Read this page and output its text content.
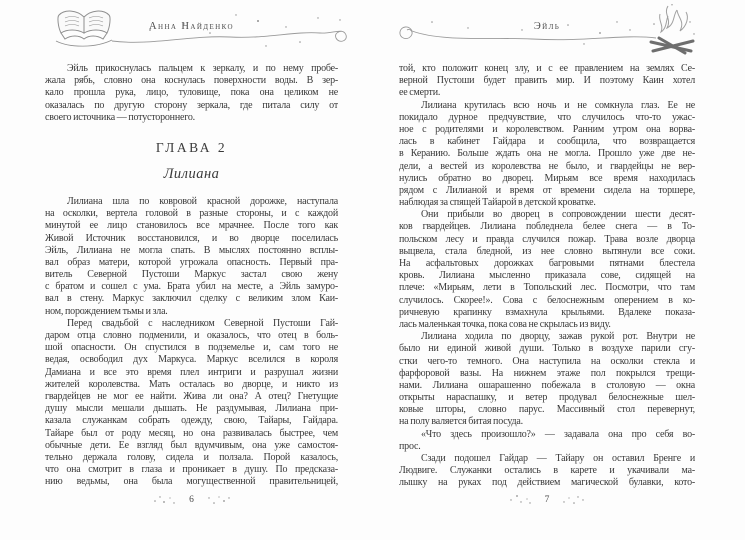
Анна Найденко
Эйль прикоснулась пальцем к зеркалу, и по нему пробе-
жала рябь, словно она коснулась поверхности воды. В зер-
кало прошла рука, лицо, туловище, пока она целиком не
оказалась по другую сторону зеркала, где питала силу от
своего источника — потустороннего.
ГЛАВА 2
Лилиана
Лилиана шла по ковровой красной дорожке, наступала
на осколки, вертела головой в разные стороны, и с каждой
минутой ее лицо становилось все мрачнее. После того как
Живой Источник восстановился, и во дворце поселилась
Эйль, Лилиана не могла спать. В мыслях постоянно всплы-
вал образ матери, которой угрожала опасность. Первый пра-
витель Северной Пустоши Маркус застал свою жену
с братом и сошел с ума. Брата убил на месте, а Эйль замуро-
вал в стену. Маркус заключил сделку с великим злом Каи-
ном, порождением тьмы и зла.
Перед свадьбой с наследником Северной Пустоши Гай-
даром отца словно подменили, и оказалось, что отец в боль-
шой опасности. Он спустился в подземелье и, сам того не
ведая, освободил дух Маркуса. Маркус вселился в короля
Дамиана и все это время плел интриги и разрушал жизни
жителей королевства. Мать осталась во дворце, и никто из
гвардейцев не мог ее найти. Жива ли она? А отец? Гнетущие
душу мысли мешали дышать. Не раздумывая, Лилиана при-
казала служанкам собрать одежду, свою, Тайары, Гайдара.
Тайаре был от роду месяц, но она развивалась быстрее, чем
обычные дети. Ее взгляд был вдумчивым, она уже самостоя-
тельно держала голову, сидела и ползала. Порой казалось,
что она смотрит в глаза и проникает в душу. По предсказа-
нию ведьмы, она была могущественной правительницей,
6
Эйль
той, кто положит конец злу, и с ее правлением на землях Се-
верной Пустоши будет править мир. И поэтому Каин хотел
ее смерти.
Лилиана крутилась всю ночь и не сомкнула глаз. Ее не
покидало дурное предчувствие, что случилось что-то ужас-
ное с родителями и королевством. Ранним утром она ворва-
лась в кабинет Гайдара и сообщила, что возвращается
в Керанию. Больше ждать она не могла. Прошло уже две не-
дели, а вестей из королевства не было, и гвардейцы не вер-
нулись обратно во дворец. Мирьям все время находилась
рядом с Лилианой и время от времени сидела на торшере,
наблюдая за спящей Тайарой в детской кроватке.
Они прибыли во дворец в сопровождении шести десят-
ков гвардейцев. Лилиана побледнела белее снега — в То-
польском лесу и правда случился пожар. Трава возле дворца
выцвела, стала бледной, из нее словно вытянули все соки.
На асфальтовых дорожках багровыми пятнами блестела
кровь. Лилиана мысленно приказала сове, сидящей на
плече: «Мирьям, лети в Топольский лес. Посмотри, что там
случилось. Скорее!». Сова с белоснежным оперением в ко-
ричневую крапинку взмахнула крыльями. Вдалеке показа-
лась маленькая точка, пока сова не скрылась из виду.
Лилиана ходила по дворцу, зажав рукой рот. Внутри не
было ни единой живой души. Только в воздухе парили сгу-
стки чего-то темного. Она наступила на осколки стекла и
фарфоровой вазы. На нижнем этаже пол покрылся трещи-
нами. Лилиана ошарашенно побежала в столовую — окна
открыты нараспашку, и ветер продувал белоснежные шел-
ковые шторы, словно парус. Массивный стол перевернут,
на полу валяется битая посуда.
«Что здесь произошло?» — задавала она про себя во-
прос.
Сзади подошел Гайдар — Тайару он оставил Бренге и
Людвиге. Служанки остались в карете и укачивали ма-
лышку на руках под действием магической булавки, кото-
7
